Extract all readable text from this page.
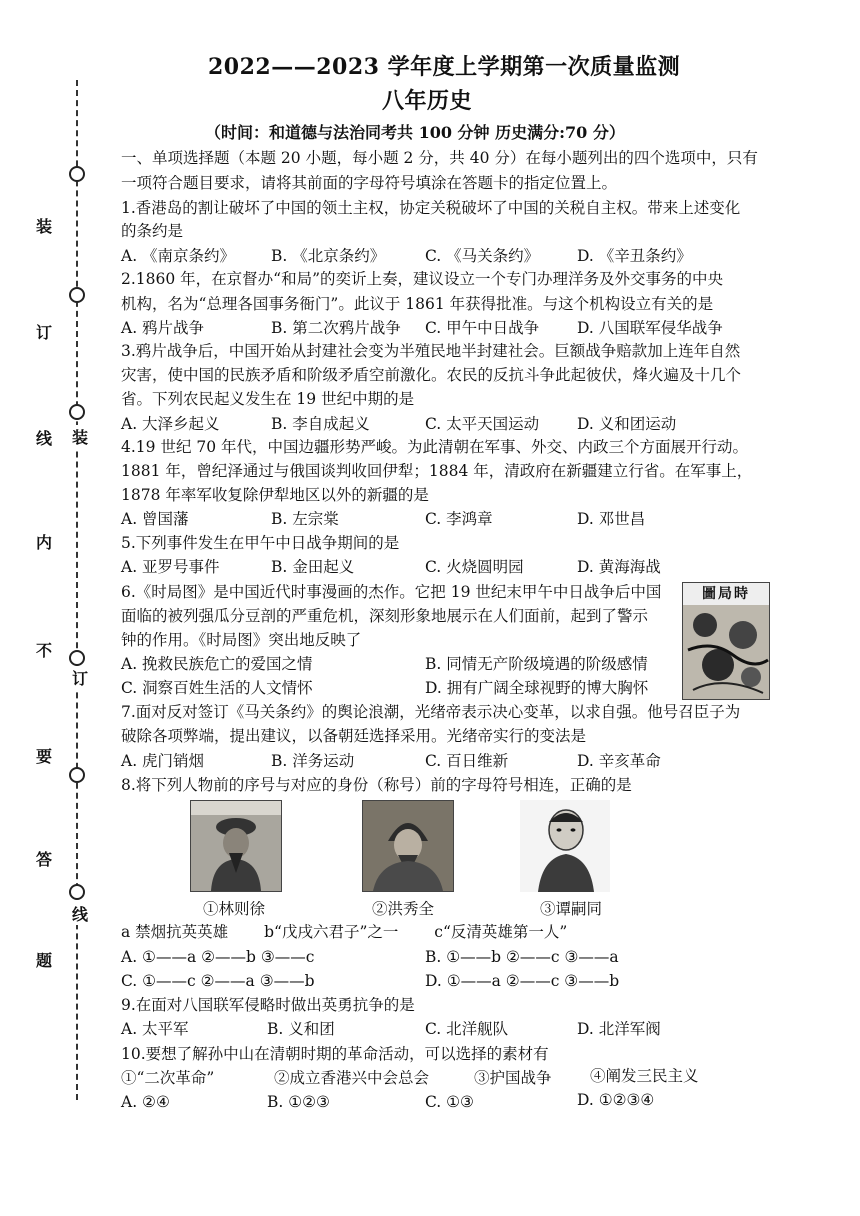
装
订
线
内
不
要
答
题
装
订
线
2022——2023 学年度上学期第一次质量监测
八年历史
（时间：和道德与法治同考共 100 分钟 历史满分:70 分）
一、单项选择题（本题 20 小题，每小题 2 分，共 40 分）在每小题列出的四个选项中，只有
一项符合题目要求，请将其前面的字母符号填涂在答题卡的指定位置上。
1.香港岛的割让破坏了中国的领土主权，协定关税破坏了中国的关税自主权。带来上述变化
的条约是
A. 《南京条约》 B. 《北京条约》	C. 《马关条约》 D. 《辛丑条约》
2.1860 年，在京督办“和局”的奕䜣上奏，建议设立一个专门办理洋务及外交事务的中央
机构，名为“总理各国事务衙门”。此议于 1861 年获得批准。与这个机构设立有关的是
A. 鸦片战争	B. 第二次鸦片战争 C. 甲午中日战争 D. 八国联军侵华战争
3.鸦片战争后，中国开始从封建社会变为半殖民地半封建社会。巨额战争赔款加上连年自然
灾害，使中国的民族矛盾和阶级矛盾空前激化。农民的反抗斗争此起彼伏，烽火遍及十几个
省。下列农民起义发生在 19 世纪中期的是
A. 大泽乡起义	B. 李自成起义	C. 太平天国运动 D. 义和团运动
4.19 世纪 70 年代，中国边疆形势严峻。为此清朝在军事、外交、内政三个方面展开行动。
1881 年，曾纪泽通过与俄国谈判收回伊犁；1884 年，清政府在新疆建立行省。在军事上，
1878 年率军收复除伊犁地区以外的新疆的是
A. 曾国藩	B. 左宗棠	C. 李鸿章	D. 邓世昌
5.下列事件发生在甲午中日战争期间的是
A. 亚罗号事件	B. 金田起义	C. 火烧圆明园	D. 黄海海战
6.《时局图》是中国近代时事漫画的杰作。它把 19 世纪末甲午中日战争后中国
面临的被列强瓜分豆剖的严重危机，深刻形象地展示在人们面前，起到了警示
钟的作用。《时局图》突出地反映了
A. 挽救民族危亡的爱国之情	B. 同情无产阶级境遇的阶级感情
C. 洞察百姓生活的人文情怀	D. 拥有广阔全球视野的博大胸怀
圖局時
7.面对反对签订《马关条约》的舆论浪潮，光绪帝表示决心变革，以求自强。他号召臣子为
破除各项弊端，提出建议，以备朝廷选择采用。光绪帝实行的变法是
A. 虎门销烟	B. 洋务运动	C. 百日维新	D. 辛亥革命
8.将下列人物前的序号与对应的身份（称号）前的字母符号相连，正确的是
①林则徐	②洪秀全	③谭嗣同
a 禁烟抗英英雄　　 b“戊戌六君子”之一　　 c“反清英雄第一人”
A. ①——a ②——b ③——c	B. ①——b ②——c ③——a
C. ①——c ②——a ③——b	D. ①——a ②——c ③——b
9.在面对八国联军侵略时做出英勇抗争的是
A. 太平军	B. 义和团	C. 北洋舰队	D. 北洋军阀
10.要想了解孙中山在清朝时期的革命活动，可以选择的素材有
①“二次革命”	②成立香港兴中会总会	③护国战争 ④阐发三民主义
A. ②④	B. ①②③	C. ①③	D. ①②③④
